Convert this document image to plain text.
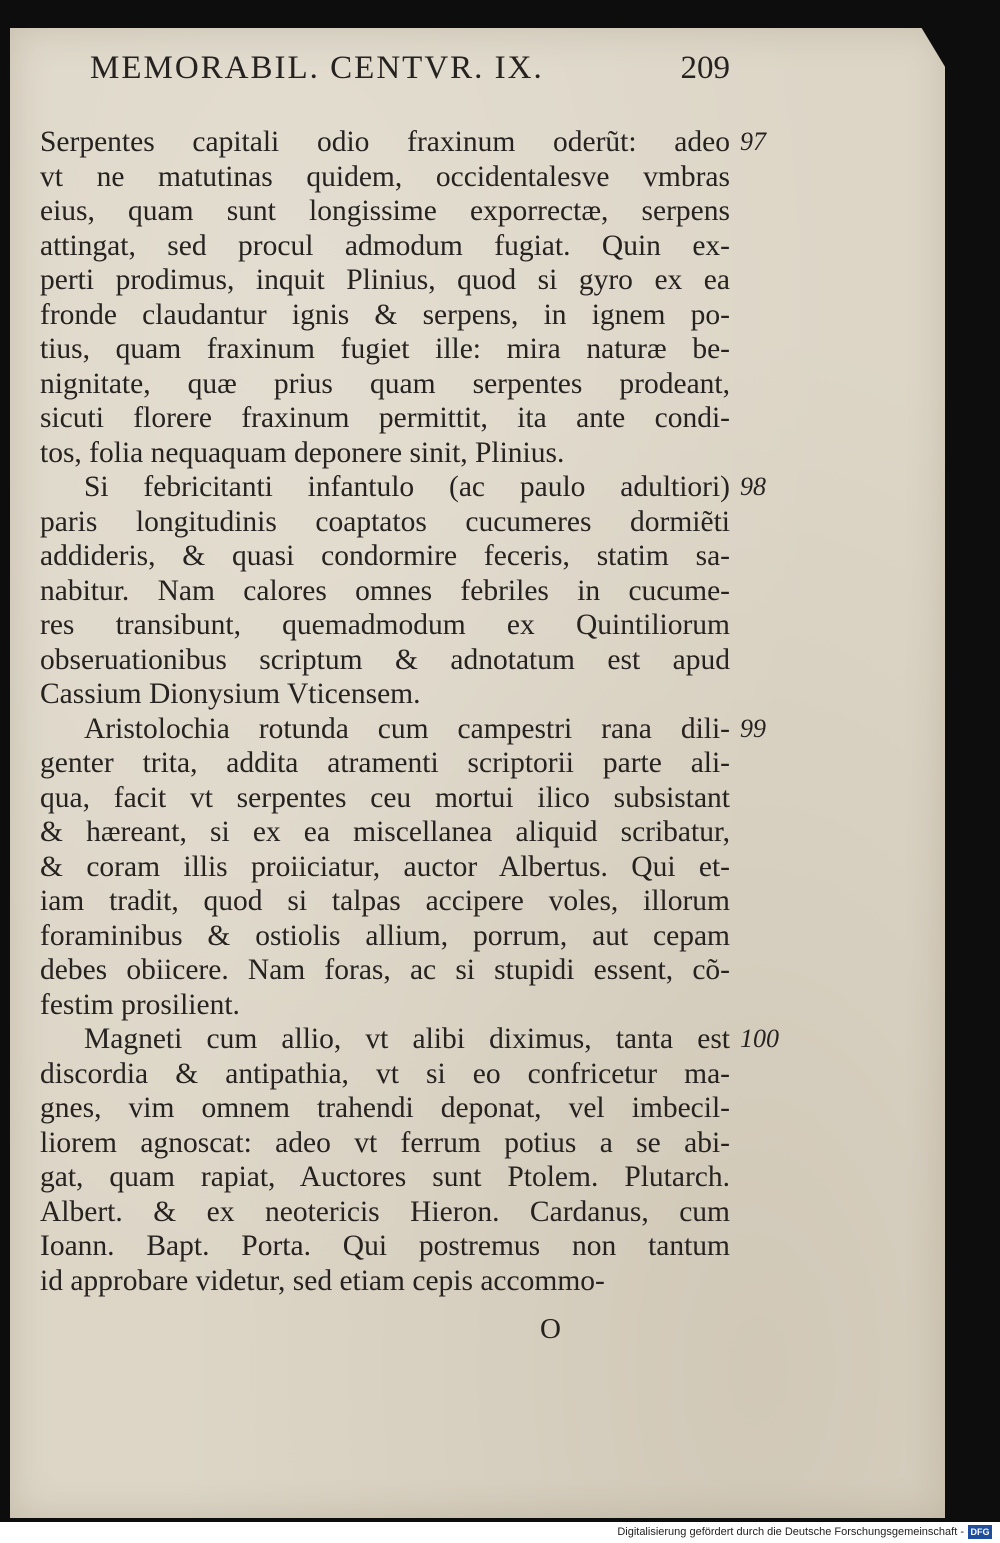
MEMORABIL. CENTVR. IX.	209
Serpentes capitali odio fraxinum oderũt: adeo
vt ne matutinas quidem, occidentalesve vmbras
eius, quam sunt longissime exporrectæ, serpens
attingat, sed procul admodum fugiat. Quin ex-
perti prodimus, inquit Plinius, quod si gyro ex ea
fronde claudantur ignis & serpens, in ignem po-
tius, quam fraxinum fugiet ille: mira naturæ be-
nignitate, quæ prius quam serpentes prodeant,
sicuti florere fraxinum permittit, ita ante condi-
tos, folia nequaquam deponere sinit, Plinius.
Si febricitanti infantulo (ac paulo adultiori)
paris longitudinis coaptatos cucumeres dormiẽti
addideris, & quasi condormire feceris, statim sa-
nabitur. Nam calores omnes febriles in cucume-
res transibunt, quemadmodum ex Quintiliorum
obseruationibus scriptum & adnotatum est apud
Cassium Dionysium Vticensem.
Aristolochia rotunda cum campestri rana dili-
genter trita, addita atramenti scriptorii parte ali-
qua, facit vt serpentes ceu mortui ilico subsistant
& hæreant, si ex ea miscellanea aliquid scribatur,
& coram illis proiiciatur, auctor Albertus. Qui et-
iam tradit, quod si talpas accipere voles, illorum
foraminibus & ostiolis allium, porrum, aut cepam
debes obiicere. Nam foras, ac si stupidi essent, cõ-
festim prosilient.
Magneti cum allio, vt alibi diximus, tanta est
discordia & antipathia, vt si eo confricetur ma-
gnes, vim omnem trahendi deponat, vel imbecil-
liorem agnoscat: adeo vt ferrum potius a se abi-
gat, quam rapiat, Auctores sunt Ptolem. Plutarch.
Albert. & ex neotericis Hieron. Cardanus, cum
Ioann. Bapt. Porta. Qui postremus non tantum
id approbare videtur, sed etiam cepis accommo-
97
98
99
100
O
Digitalisierung gefördert durch die Deutsche Forschungsgemeinschaft - DFG
